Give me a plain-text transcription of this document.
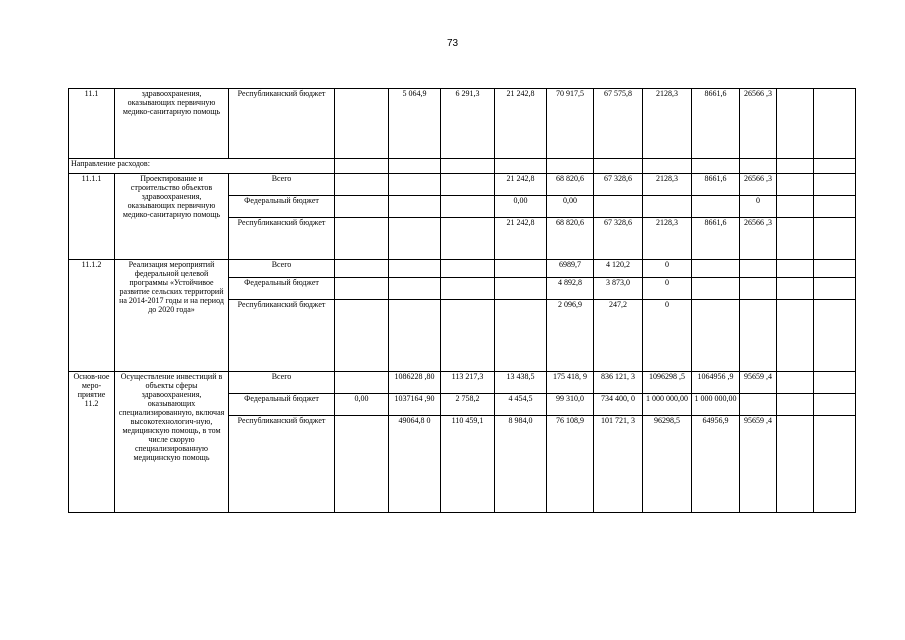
73
11.1	здравоохранения, оказывающих первичную медико-санитарную помощь	Республиканский бюджет		5 064,9	6 291,3	21 242,8	70 917,5	67 575,8	2128,3	8661,6	26566 ,3		
Направление расходов:													
11.1.1	Проектирование и строительство объектов здравоохранения, оказывающих первичную медико-санитарную помощь	Всего				21 242,8	68 820,6	67 328,6	2128,3	8661,6	26566 ,3		
		Федеральный бюджет				0,00	0,00				0		
		Республиканский бюджет				21 242,8	68 820,6	67 328,6	2128,3	8661,6	26566 ,3		
11.1.2	Реализация мероприятий федеральной целевой программы «Устойчивое развитие сельских территорий на 2014-2017 годы и на период до 2020 года»	Всего					6989,7	4 120,2	0				
		Федеральный бюджет					4 892,8	3 873,0	0				
		Республиканский бюджет					2 096,9	247,2	0				
Основ-ное меро-приятие 11.2	Осуществление инвестиций в объекты сферы здравоохранения, оказывающих специализированную, включая высокотехнологич-ную, медицинскую помощь, в том числе скорую специализированную медицинскую помощь	Всего		1086228 ,80	113 217,3	13 438,5	175 418, 9	836 121, 3	1096298 ,5	1064956 ,9	95659 ,4		
		Федеральный бюджет	0,00	1037164 ,90	2 758,2	4 454,5	99 310,0	734 400, 0	1 000 000,00	1 000 000,00			
		Республиканский бюджет		49064,8 0	110 459,1	8 984,0	76 108,9	101 721, 3	96298,5	64956,9	95659 ,4		
